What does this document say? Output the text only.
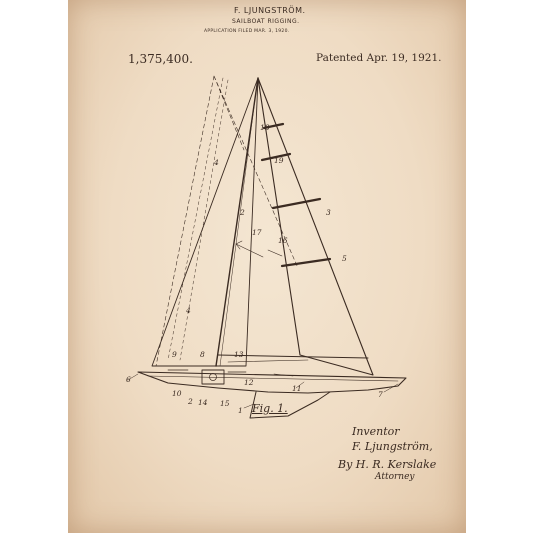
F. LJUNGSTRÖM.
SAILBOAT RIGGING.
APPLICATION FILED MAR. 3, 1920.
1,375,400.	Patented Apr. 19, 1921.
18
19
3
2
4
17
16
5
4
13
9	8
6	12
10
2 14 15
11
7
1 Fig. 1.
Inventor
F. Ljungström,
By H. R. Kerslake
Attorney
